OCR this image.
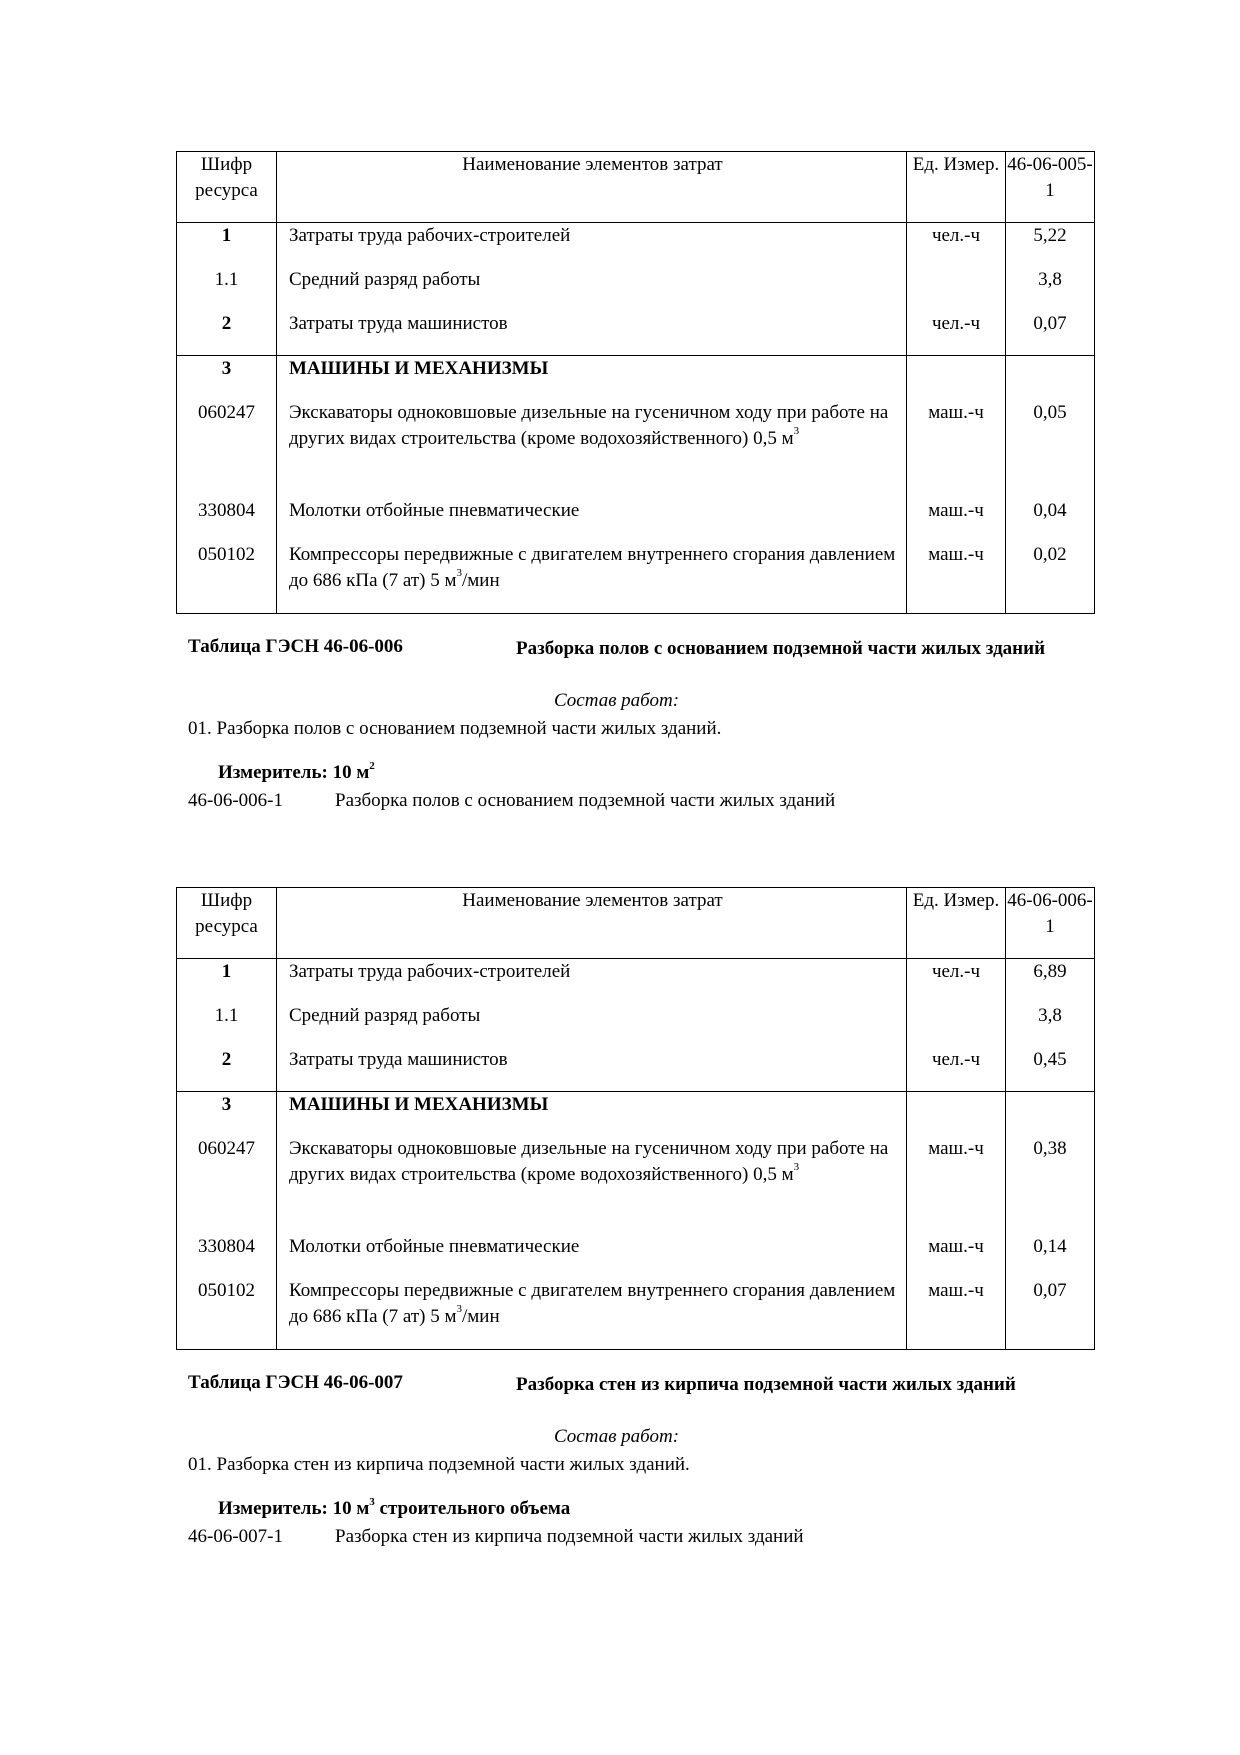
Шифр ресурса	Наименование элементов затрат	Ед. Измер.	46-06-005-1
1	Затраты труда рабочих-строителей	чел.-ч	5,22
1.1	Средний разряд работы		3,8
2	Затраты труда машинистов	чел.-ч	0,07
3	МАШИНЫ И МЕХАНИЗМЫ		
060247	Экскаваторы одноковшовые дизельные на гусеничном ходу при работе на других видах строительства (кроме водохозяйственного) 0,5 $м^3$	маш.-ч	0,05
330804	Молотки отбойные пневматические	маш.-ч	0,04
050102	Компрессоры передвижные с двигателем внутреннего сгорания давлением до 686 кПа (7 ат) 5 $м^3$/мин	маш.-ч	0,02
Таблица ГЭСН 46-06-006	Разборка полов с основанием подземной части жилых зданий
Состав работ:
01. Разборка полов с основанием подземной части жилых зданий.
Измеритель: 10 $м^2$
46-06-006-1	Разборка полов с основанием подземной части жилых зданий
Шифр ресурса	Наименование элементов затрат	Ед. Измер.	46-06-006-1
1	Затраты труда рабочих-строителей	чел.-ч	6,89
1.1	Средний разряд работы		3,8
2	Затраты труда машинистов	чел.-ч	0,45
3	МАШИНЫ И МЕХАНИЗМЫ		
060247	Экскаваторы одноковшовые дизельные на гусеничном ходу при работе на других видах строительства (кроме водохозяйственного) 0,5 $м^3$	маш.-ч	0,38
330804	Молотки отбойные пневматические	маш.-ч	0,14
050102	Компрессоры передвижные с двигателем внутреннего сгорания давлением до 686 кПа (7 ат) 5 $м^3$/мин	маш.-ч	0,07
Таблица ГЭСН 46-06-007	Разборка стен из кирпича подземной части жилых зданий
Состав работ:
01. Разборка стен из кирпича подземной части жилых зданий.
Измеритель: 10 $м^3$ строительного объема
46-06-007-1	Разборка стен из кирпича подземной части жилых зданий
